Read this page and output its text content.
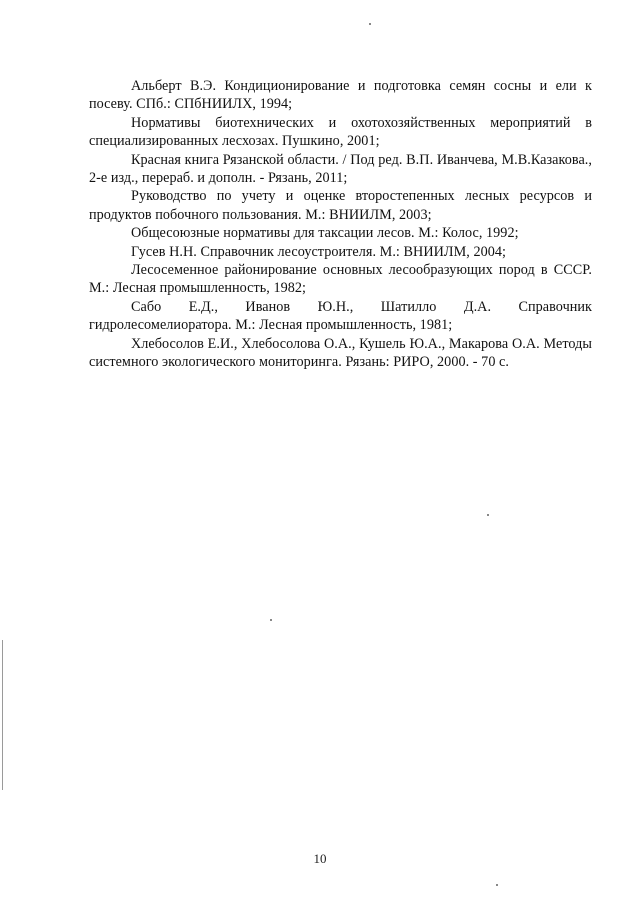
Альберт В.Э. Кондиционирование и подготовка семян сосны и ели к посеву. СПб.: СПбНИИЛХ, 1994;

Нормативы биотехнических и охотохозяйственных мероприятий в специализированных лесхозах. Пушкино, 2001;

Красная книга Рязанской области. / Под ред. В.П. Иванчева, М.В.Казакова., 2-е изд., перераб. и дополн. - Рязань, 2011;

Руководство по учету и оценке второстепенных лесных ресурсов и продуктов побочного пользования. М.: ВНИИЛМ, 2003;

Общесоюзные нормативы для таксации лесов. М.: Колос, 1992;

Гусев Н.Н. Справочник лесоустроителя. М.: ВНИИЛМ, 2004;

Лесосеменное районирование основных лесообразующих пород в СССР. М.: Лесная промышленность, 1982;

Сабо Е.Д., Иванов Ю.Н., Шатилло Д.А. Справочник гидролесомелиоратора. М.: Лесная промышленность, 1981;

Хлебосолов Е.И., Хлебосолова О.А., Кушель Ю.А., Макарова О.А. Методы системного экологического мониторинга. Рязань: РИРО, 2000. - 70 с.

10
